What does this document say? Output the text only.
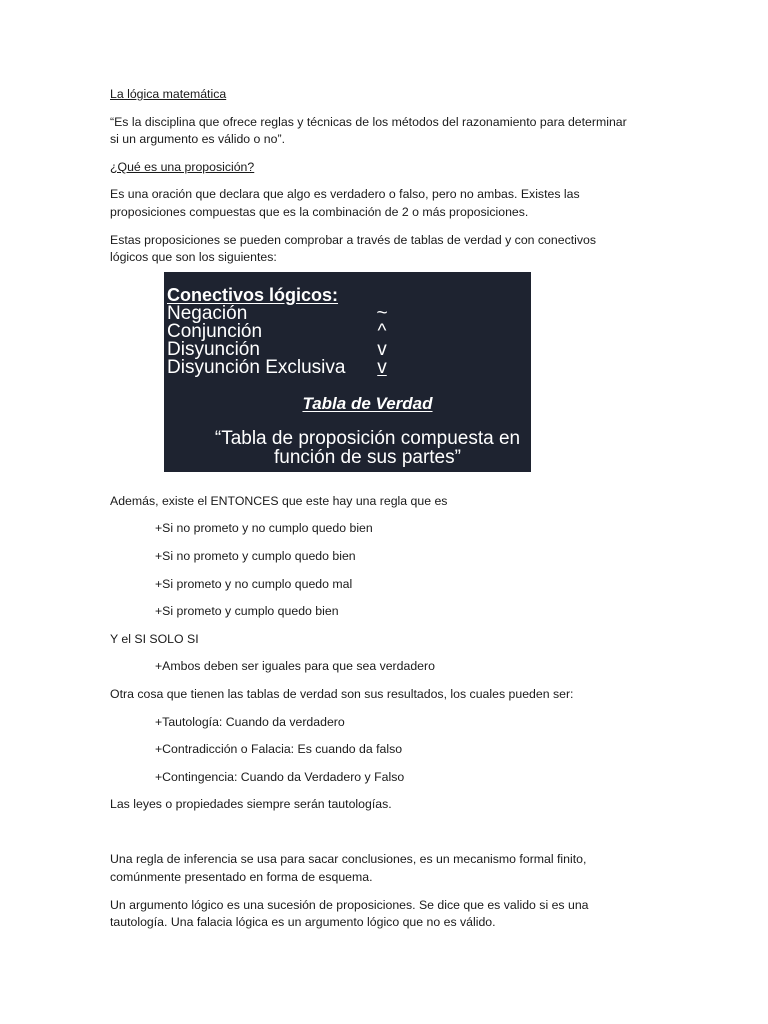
La lógica matemática

“Es la disciplina que ofrece reglas y técnicas de los métodos del razonamiento para determinar
si un argumento es válido o no”.

¿Qué es una proposición?

Es una oración que declara que algo es verdadero o falso, pero no ambas. Existes las
proposiciones compuestas que es la combinación de 2 o más proposiciones.

Estas proposiciones se pueden comprobar a través de tablas de verdad y con conectivos
lógicos que son los siguientes:

Conectivos lógicos:
Negación	~
Conjunción	^
Disyunción	v
Disyunción Exclusiva v
Tabla de Verdad
“Tabla de proposición compuesta en
función de sus partes”

Además, existe el ENTONCES que este hay una regla que es

+Si no prometo y no cumplo quedo bien

+Si no prometo y cumplo quedo bien

+Si prometo y no cumplo quedo mal

+Si prometo y cumplo quedo bien

Y el SI SOLO SI

+Ambos deben ser iguales para que sea verdadero

Otra cosa que tienen las tablas de verdad son sus resultados, los cuales pueden ser:

+Tautología: Cuando da verdadero

+Contradicción o Falacia: Es cuando da falso

+Contingencia: Cuando da Verdadero y Falso

Las leyes o propiedades siempre serán tautologías.

Una regla de inferencia se usa para sacar conclusiones, es un mecanismo formal finito,
comúnmente presentado en forma de esquema.

Un argumento lógico es una sucesión de proposiciones. Se dice que es valido si es una
tautología. Una falacia lógica es un argumento lógico que no es válido.
